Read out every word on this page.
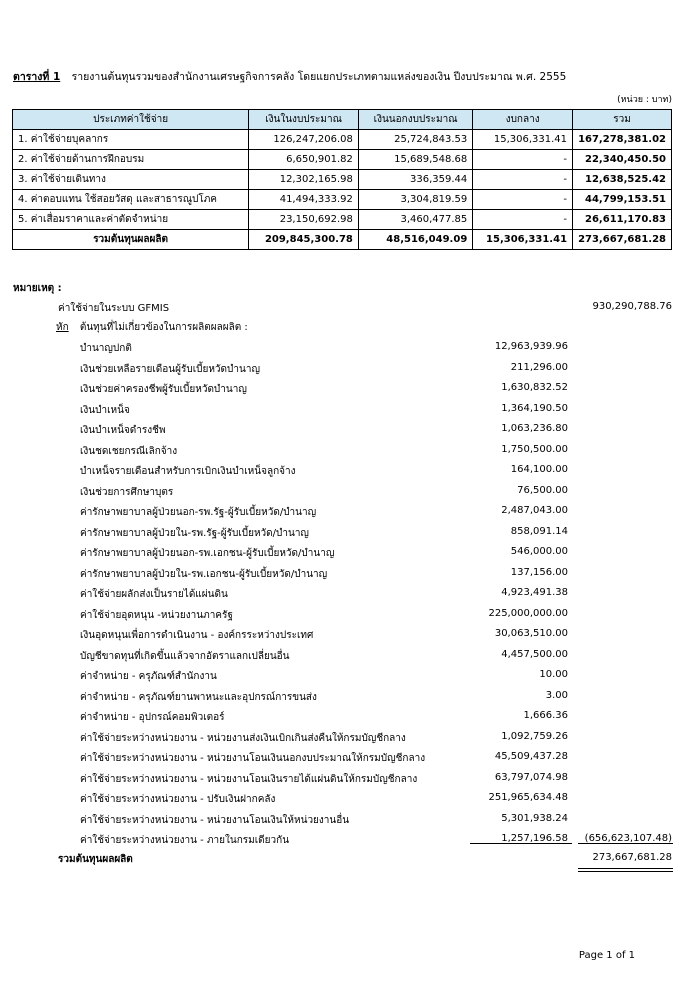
ตารางที่ 1 รายงานต้นทุนรวมของสำนักงานเศรษฐกิจการคลัง โดยแยกประเภทตามแหล่งของเงิน ปีงบประมาณ พ.ศ. 2555
(หน่วย : บาท)
ประเภทค่าใช้จ่าย	เงินในงบประมาณ	เงินนอกงบประมาณ	งบกลาง	รวม
1. ค่าใช้จ่ายบุคลากร	126,247,206.08	25,724,843.53	15,306,331.41	167,278,381.02
2. ค่าใช้จ่ายด้านการฝึกอบรม	6,650,901.82	15,689,548.68	-	22,340,450.50
3. ค่าใช้จ่ายเดินทาง	12,302,165.98	336,359.44	-	12,638,525.42
4. ค่าตอบแทน ใช้สอยวัสดุ และสาธารณูปโภค	41,494,333.92	3,304,819.59	-	44,799,153.51
5. ค่าเสื่อมราคาและค่าตัดจำหน่าย	23,150,692.98	3,460,477.85	-	26,611,170.83
รวมต้นทุนผลผลิต	209,845,300.78	48,516,049.09	15,306,331.41	273,667,681.28
หมายเหตุ :
ค่าใช้จ่ายในระบบ GFMIS	930,290,788.76
หัก ต้นทุนที่ไม่เกี่ยวข้องในการผลิตผลผลิต :
บำนาญปกติ	12,963,939.96
เงินช่วยเหลือรายเดือนผู้รับเบี้ยหวัดบำนาญ	211,296.00
เงินช่วยค่าครองชีพผู้รับเบี้ยหวัดบำนาญ	1,630,832.52
เงินบำเหน็จ	1,364,190.50
เงินบำเหน็จดำรงชีพ	1,063,236.80
เงินชดเชยกรณีเลิกจ้าง	1,750,500.00
บำเหน็จรายเดือนสำหรับการเบิกเงินบำเหน็จลูกจ้าง	164,100.00
เงินช่วยการศึกษาบุตร	76,500.00
ค่ารักษาพยาบาลผู้ป่วยนอก-รพ.รัฐ-ผู้รับเบี้ยหวัด/บำนาญ	2,487,043.00
ค่ารักษาพยาบาลผู้ป่วยใน-รพ.รัฐ-ผู้รับเบี้ยหวัด/บำนาญ	858,091.14
ค่ารักษาพยาบาลผู้ป่วยนอก-รพ.เอกชน-ผู้รับเบี้ยหวัด/บำนาญ	546,000.00
ค่ารักษาพยาบาลผู้ป่วยใน-รพ.เอกชน-ผู้รับเบี้ยหวัด/บำนาญ	137,156.00
ค่าใช้จ่ายผลักส่งเป็นรายได้แผ่นดิน	4,923,491.38
ค่าใช้จ่ายอุดหนุน -หน่วยงานภาครัฐ	225,000,000.00
เงินอุดหนุนเพื่อการดำเนินงาน - องค์กรระหว่างประเทศ	30,063,510.00
บัญชีขาดทุนที่เกิดขึ้นแล้วจากอัตราแลกเปลี่ยนอื่น	4,457,500.00
ค่าจำหน่าย - ครุภัณฑ์สำนักงาน	10.00
ค่าจำหน่าย - ครุภัณฑ์ยานพาหนะและอุปกรณ์การขนส่ง	3.00
ค่าจำหน่าย - อุปกรณ์คอมพิวเตอร์	1,666.36
ค่าใช้จ่ายระหว่างหน่วยงาน - หน่วยงานส่งเงินเบิกเกินส่งคืนให้กรมบัญชีกลาง	1,092,759.26
ค่าใช้จ่ายระหว่างหน่วยงาน - หน่วยงานโอนเงินนอกงบประมาณให้กรมบัญชีกลาง	45,509,437.28
ค่าใช้จ่ายระหว่างหน่วยงาน - หน่วยงานโอนเงินรายได้แผ่นดินให้กรมบัญชีกลาง	63,797,074.98
ค่าใช้จ่ายระหว่างหน่วยงาน - ปรับเงินฝากคลัง	251,965,634.48
ค่าใช้จ่ายระหว่างหน่วยงาน - หน่วยงานโอนเงินให้หน่วยงานอื่น	5,301,938.24
ค่าใช้จ่ายระหว่างหน่วยงาน - ภายในกรมเดียวกัน	1,257,196.58 (656,623,107.48)
รวมต้นทุนผลผลิต	273,667,681.28
Page 1 of 1
